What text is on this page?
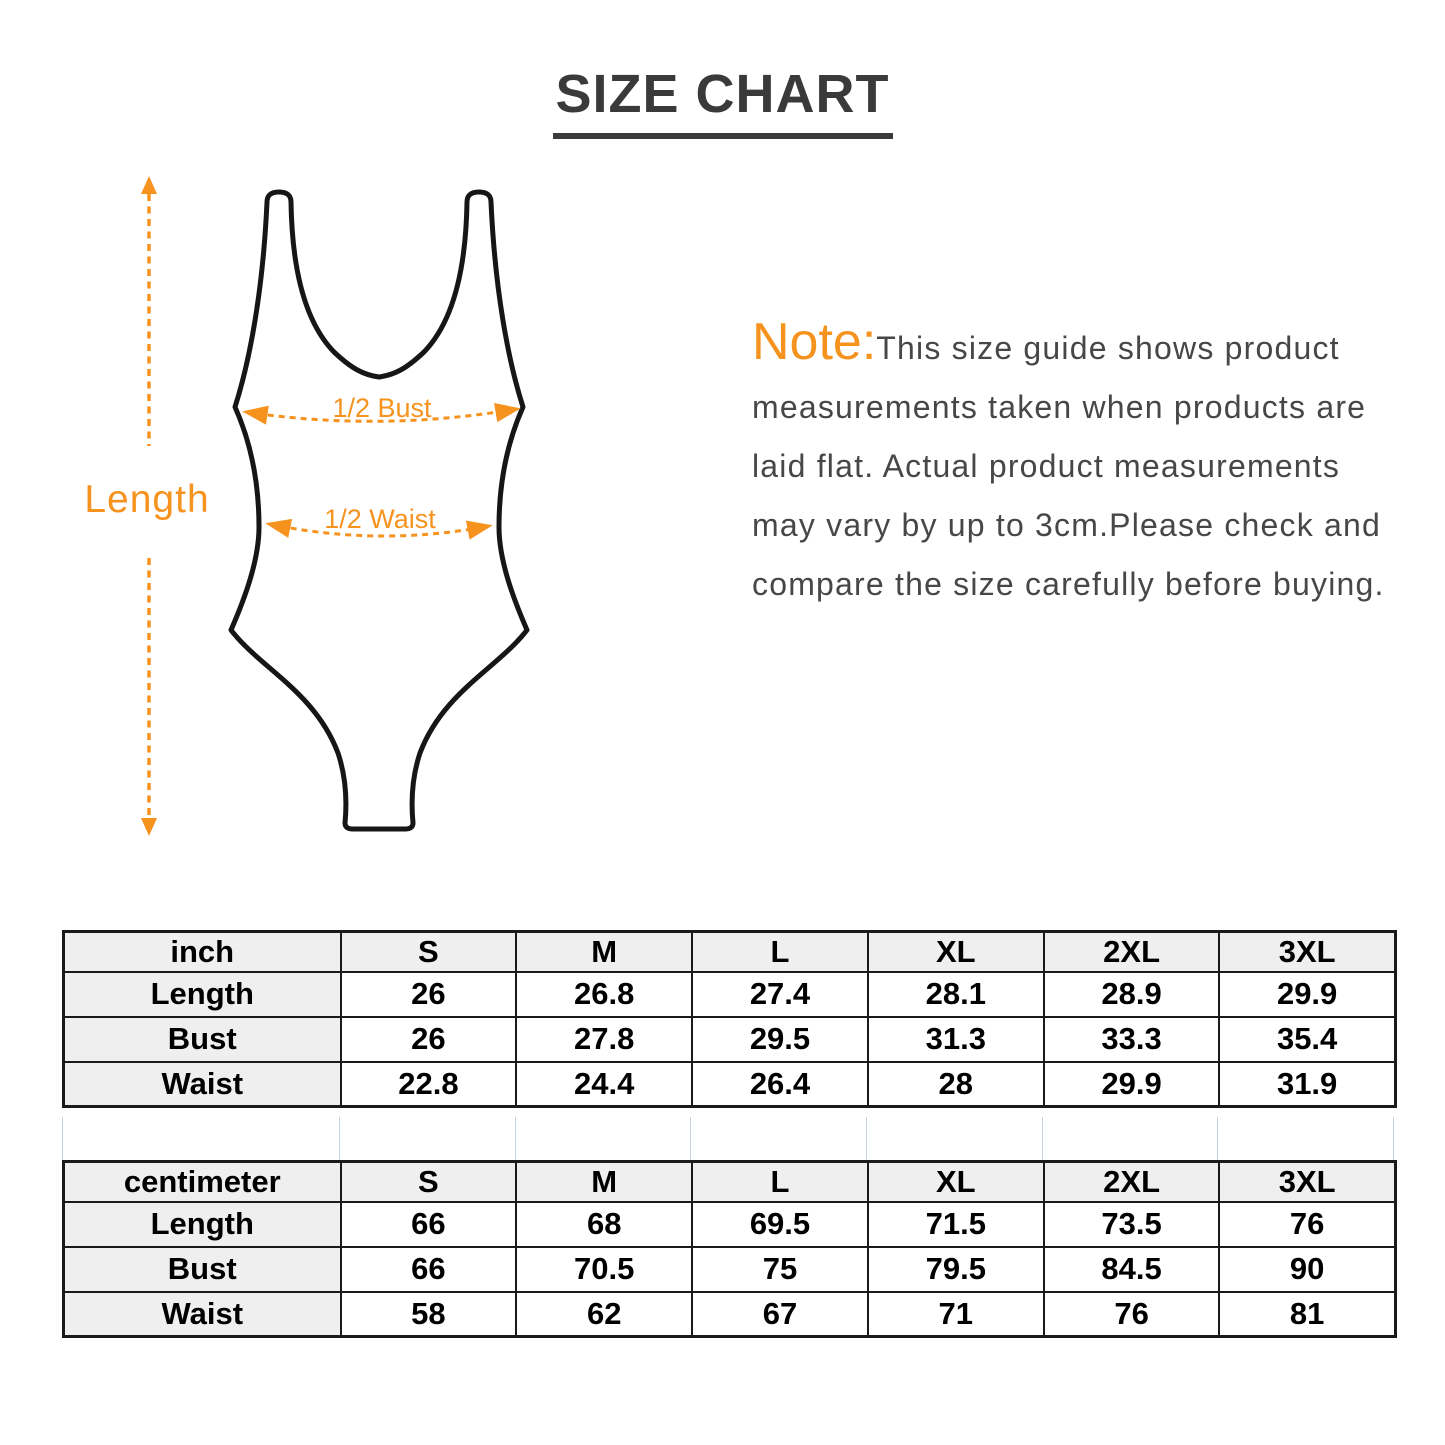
SIZE CHART
Length
1/2 Bust
1/2 Waist
Note:This size guide shows product
measurements taken when products are
laid flat. Actual product measurements
may vary by up to 3cm.Please check and
compare the size carefully before buying.
inch	S	M	L	XL	2XL	3XL
Length	26	26.8	27.4	28.1	28.9	29.9
Bust	26	27.8	29.5	31.3	33.3	35.4
Waist	22.8	24.4	26.4	28	29.9	31.9
centimeter	S	M	L	XL	2XL	3XL
Length	66	68	69.5	71.5	73.5	76
Bust	66	70.5	75	79.5	84.5	90
Waist	58	62	67	71	76	81
